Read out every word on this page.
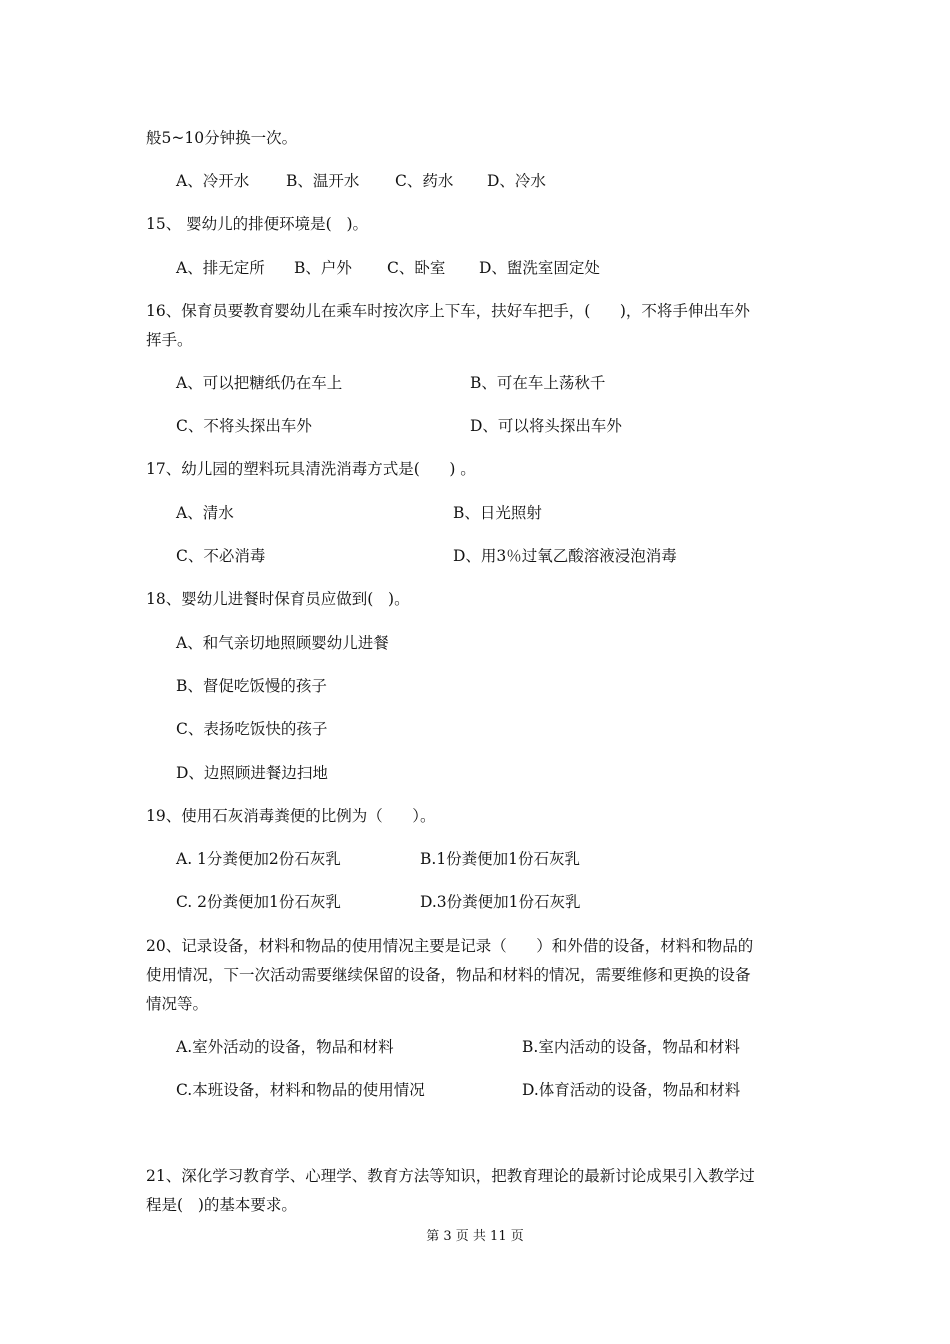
般5~10分钟换一次。
A、冷开水 B、温开水 C、药水 D、冷水
15、 婴幼儿的排便环境是(   )。
A、排无定所 B、户外 C、卧室 D、盥洗室固定处
16、保育员要教育婴幼儿在乘车时按次序上下车，扶好车把手，(      )，不将手伸出车外
挥手。
A、可以把糖纸仍在车上	B、可在车上荡秋千
C、不将头探出车外	D、可以将头探出车外
17、幼儿园的塑料玩具清洗消毒方式是(      ) 。
A、清水	B、日光照射
C、不必消毒	D、用3％过氧乙酸溶液浸泡消毒
18、婴幼儿进餐时保育员应做到(   )。
A、和气亲切地照顾婴幼儿进餐
B、督促吃饭慢的孩子
C、表扬吃饭快的孩子
D、边照顾进餐边扫地
19、使用石灰消毒粪便的比例为（      ）。
A. 1分粪便加2份石灰乳	B.1份粪便加1份石灰乳
C. 2份粪便加1份石灰乳	D.3份粪便加1份石灰乳
20、记录设备，材料和物品的使用情况主要是记录（      ）和外借的设备，材料和物品的
使用情况，下一次活动需要继续保留的设备，物品和材料的情况，需要维修和更换的设备
情况等。
A.室外活动的设备，物品和材料	B.室内活动的设备，物品和材料
C.本班设备，材料和物品的使用情况	D.体育活动的设备，物品和材料
21、深化学习教育学、心理学、教育方法等知识，把教育理论的最新讨论成果引入教学过
程是(   )的基本要求。
第 3 页 共 11 页
